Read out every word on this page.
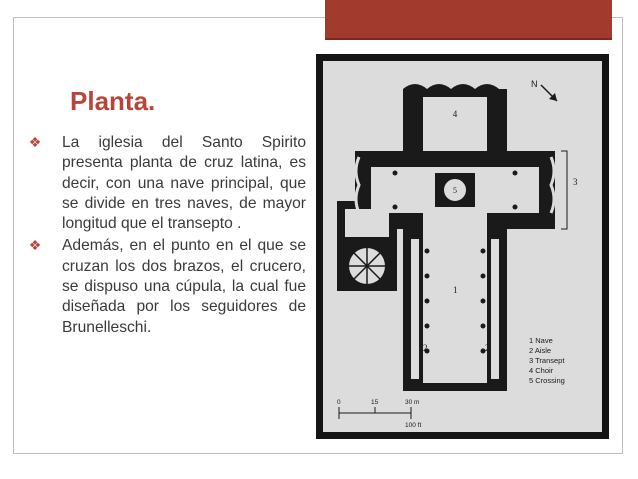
Planta.
❖ La iglesia del Santo Spirito presenta planta de cruz latina, es decir, con una nave principal, que se divide en tres naves, de mayor longitud que el transepto .
❖ Además, en el punto en el que se cruzan los dos brazos, el crucero, se dispuso una cúpula, la cual fue diseñada por los seguidores de Brunelleschi.
4
3
1
2	2
5
N
1 Nave
2 Aisle
3 Transept
4 Choir
5 Crossing
0	15	30 m
100 ft
